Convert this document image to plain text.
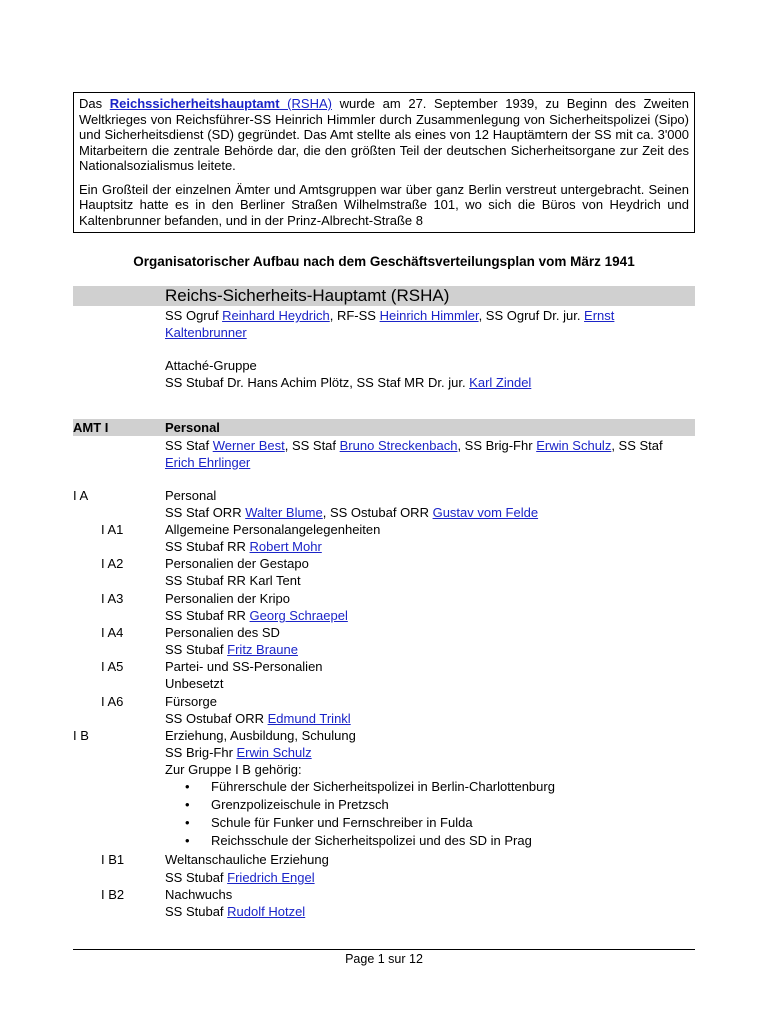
Das Reichssicherheitshauptamt (RSHA) wurde am 27. September 1939, zu Beginn des Zweiten Weltkrieges von Reichsführer-SS Heinrich Himmler durch Zusammenlegung von Sicherheitspolizei (Sipo) und Sicherheitsdienst (SD) gegründet. Das Amt stellte als eines von 12 Hauptämtern der SS mit ca. 3'000 Mitarbeitern die zentrale Behörde dar, die den größten Teil der deutschen Sicherheitsorgane zur Zeit des Nationalsozialismus leitete.

Ein Großteil der einzelnen Ämter und Amtsgruppen war über ganz Berlin verstreut untergebracht. Seinen Hauptsitz hatte es in den Berliner Straßen Wilhelmstraße 101, wo sich die Büros von Heydrich und Kaltenbrunner befanden, und in der Prinz-Albrecht-Straße 8

Organisatorischer Aufbau nach dem Geschäftsverteilungsplan vom März 1941
Reichs-Sicherheits-Hauptamt (RSHA)
SS Ogruf Reinhard Heydrich, RF-SS Heinrich Himmler, SS Ogruf Dr. jur. Ernst Kaltenbrunner
Attaché-Gruppe
SS Stubaf Dr. Hans Achim Plötz, SS Staf MR Dr. jur. Karl Zindel
AMT I	Personal
SS Staf Werner Best, SS Staf Bruno Streckenbach, SS Brig-Fhr Erwin Schulz, SS Staf Erich Ehrlinger
I A	Personal
SS Staf ORR Walter Blume, SS Ostubaf ORR Gustav vom Felde
I A1	Allgemeine Personalangelegenheiten
SS Stubaf RR Robert Mohr
I A2	Personalien der Gestapo
SS Stubaf RR Karl Tent
I A3	Personalien der Kripo
SS Stubaf RR Georg Schraepel
I A4	Personalien des SD
SS Stubaf Fritz Braune
I A5	Partei- und SS-Personalien
Unbesetzt
I A6	Fürsorge
SS Ostubaf ORR Edmund Trinkl
I B	Erziehung, Ausbildung, Schulung
SS Brig-Fhr Erwin Schulz
Zur Gruppe I B gehörig:
• Führerschule der Sicherheitspolizei in Berlin-Charlottenburg
• Grenzpolizeischule in Pretzsch
• Schule für Funker und Fernschreiber in Fulda
• Reichsschule der Sicherheitspolizei und des SD in Prag
I B1	Weltanschauliche Erziehung
SS Stubaf Friedrich Engel
I B2	Nachwuchs
SS Stubaf Rudolf Hotzel
Page 1 sur 12
